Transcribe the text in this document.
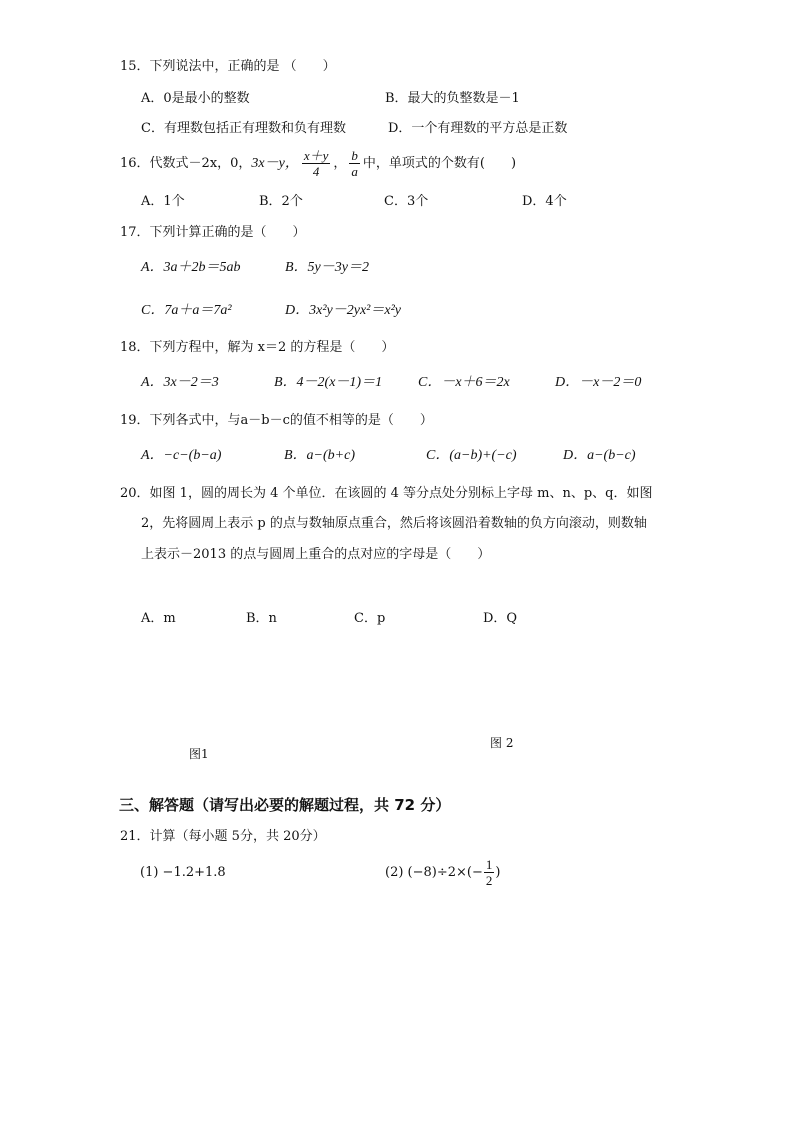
15．下列说法中，正确的是 （　　）
A．0是最小的整数	B．最大的负整数是－1
C．有理数包括正有理数和负有理数	D．一个有理数的平方总是正数
16．代数式－2x，0，3x－y， $\frac{x+y}{4}$ ， $\frac{b}{a}$ 中，单项式的个数有(　　)
A．1个	B．2个	C．3个	D．4个
17．下列计算正确的是（　　）
A．3a＋2b＝5ab	B．5y－3y＝2
C．7a＋a＝7a²	D．3x²y－2yx²＝x²y
18．下列方程中，解为 x＝2 的方程是（　　）
A．3x－2＝3	B．4－2(x－1)＝1	C．－x＋6＝2x	D．－x－2＝0
19．下列各式中，与a－b－c的值不相等的是（　　）
A．−c−(b−a)	B．a−(b+c)	C．(a−b)+(−c)	D．a−(b−c)
20．如图 1，圆的周长为 4 个单位．在该圆的 4 等分点处分别标上字母 m、n、p、q．如图
2，先将圆周上表示 p 的点与数轴原点重合，然后将该圆沿着数轴的负方向滚动，则数轴
上表示－2013 的点与圆周上重合的点对应的字母是（　　）
A．m	B．n	C．p	D．Q
图1
图 2
三、解答题（请写出必要的解题过程，共 72 分）
21．计算（每小题 5分，共 20分）
(1) −1.2+1.8	(2) $(-8)\div 2\times(- \frac{1}{2}$ )
